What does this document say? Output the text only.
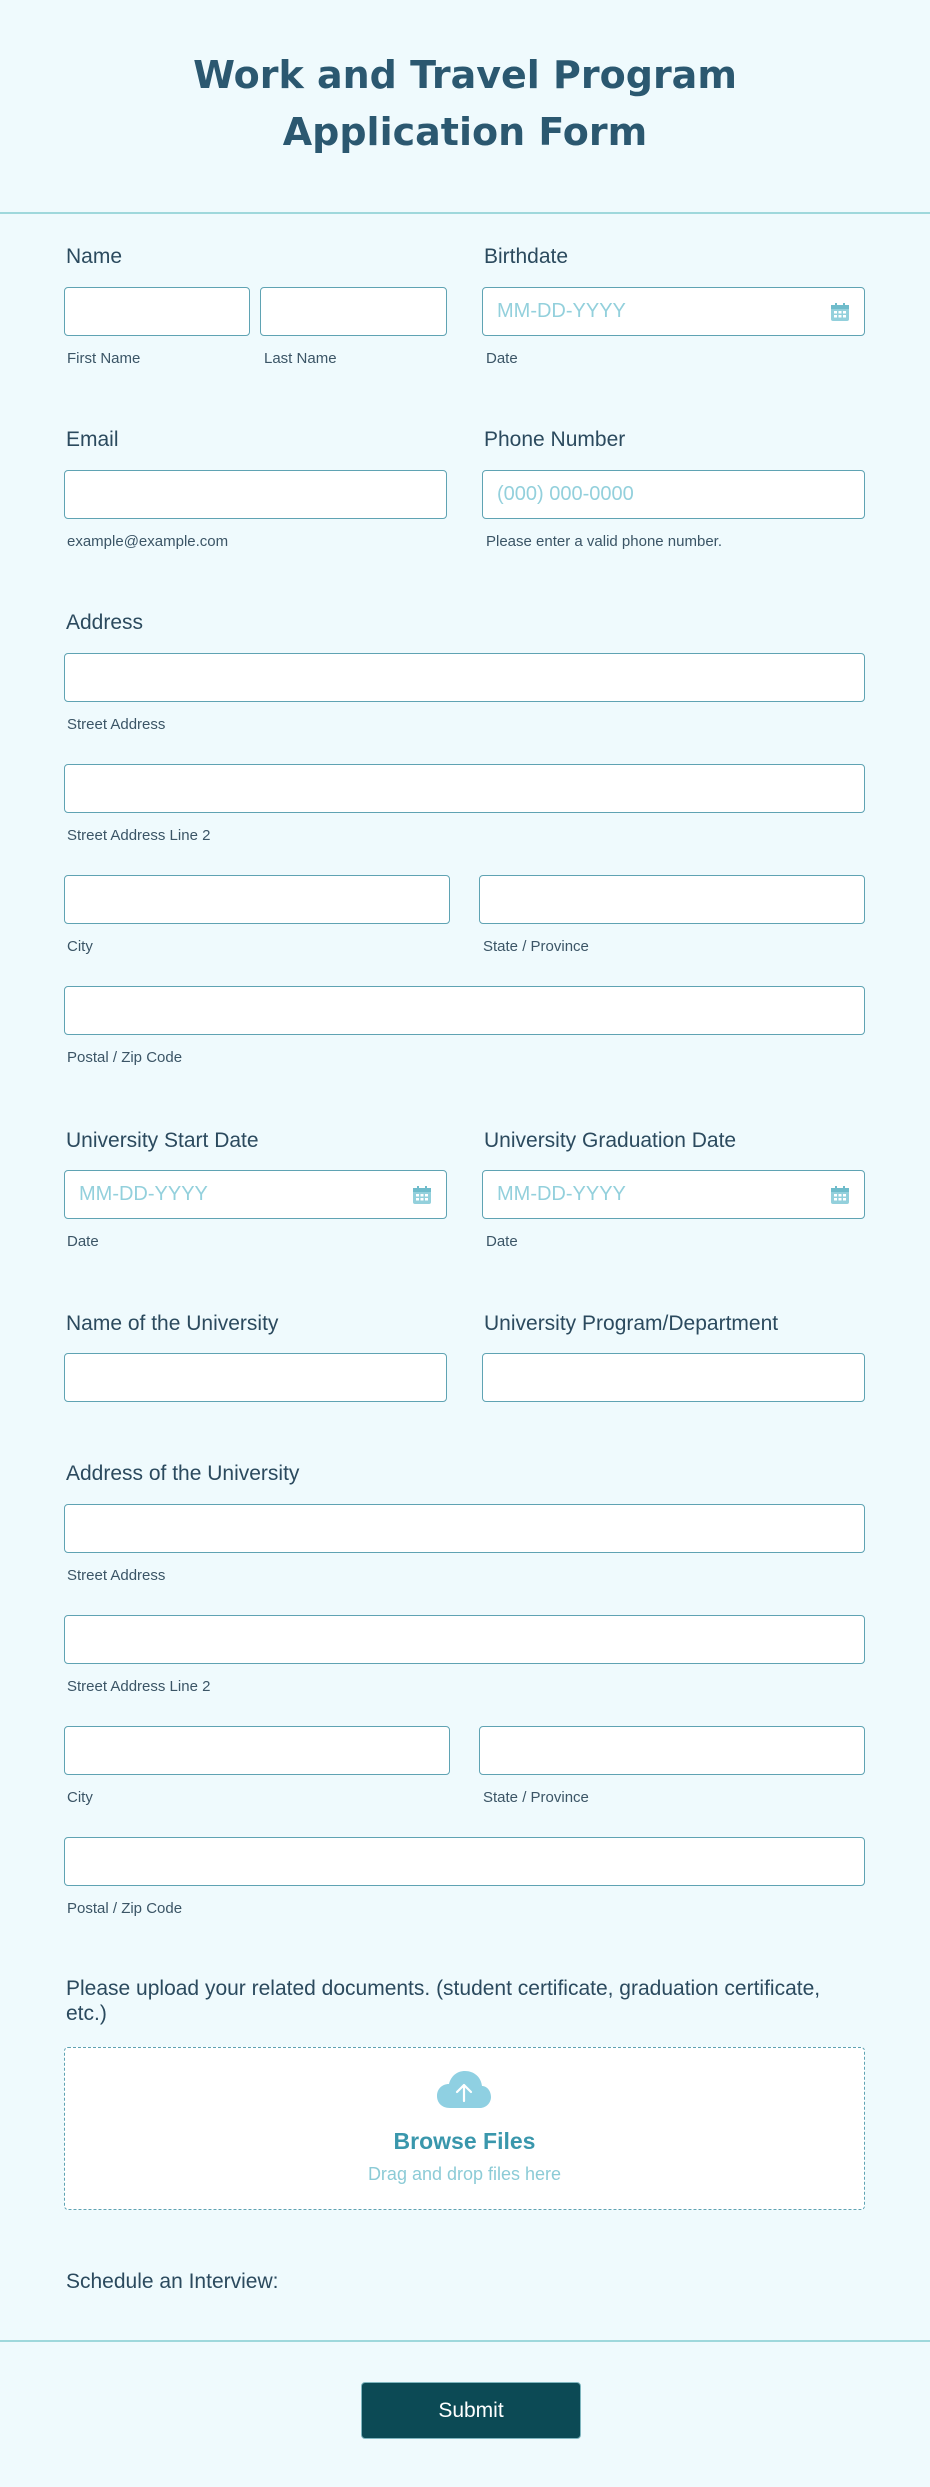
Work and Travel Program Application Form
Name
First Name	Last Name
Birthdate
MM-DD-YYYY
Date
Email
example@example.com
Phone Number
(000) 000-0000
Please enter a valid phone number.
Address
Street Address
Street Address Line 2
City	State / Province
Postal / Zip Code
University Start Date
MM-DD-YYYY
Date
University Graduation Date
MM-DD-YYYY
Date
Name of the University	University Program/Department
Address of the University
Street Address
Street Address Line 2
City	State / Province
Postal / Zip Code
Please upload your related documents. (student certificate, graduation certificate, etc.)
Browse Files
Drag and drop files here
Schedule an Interview:
Submit
